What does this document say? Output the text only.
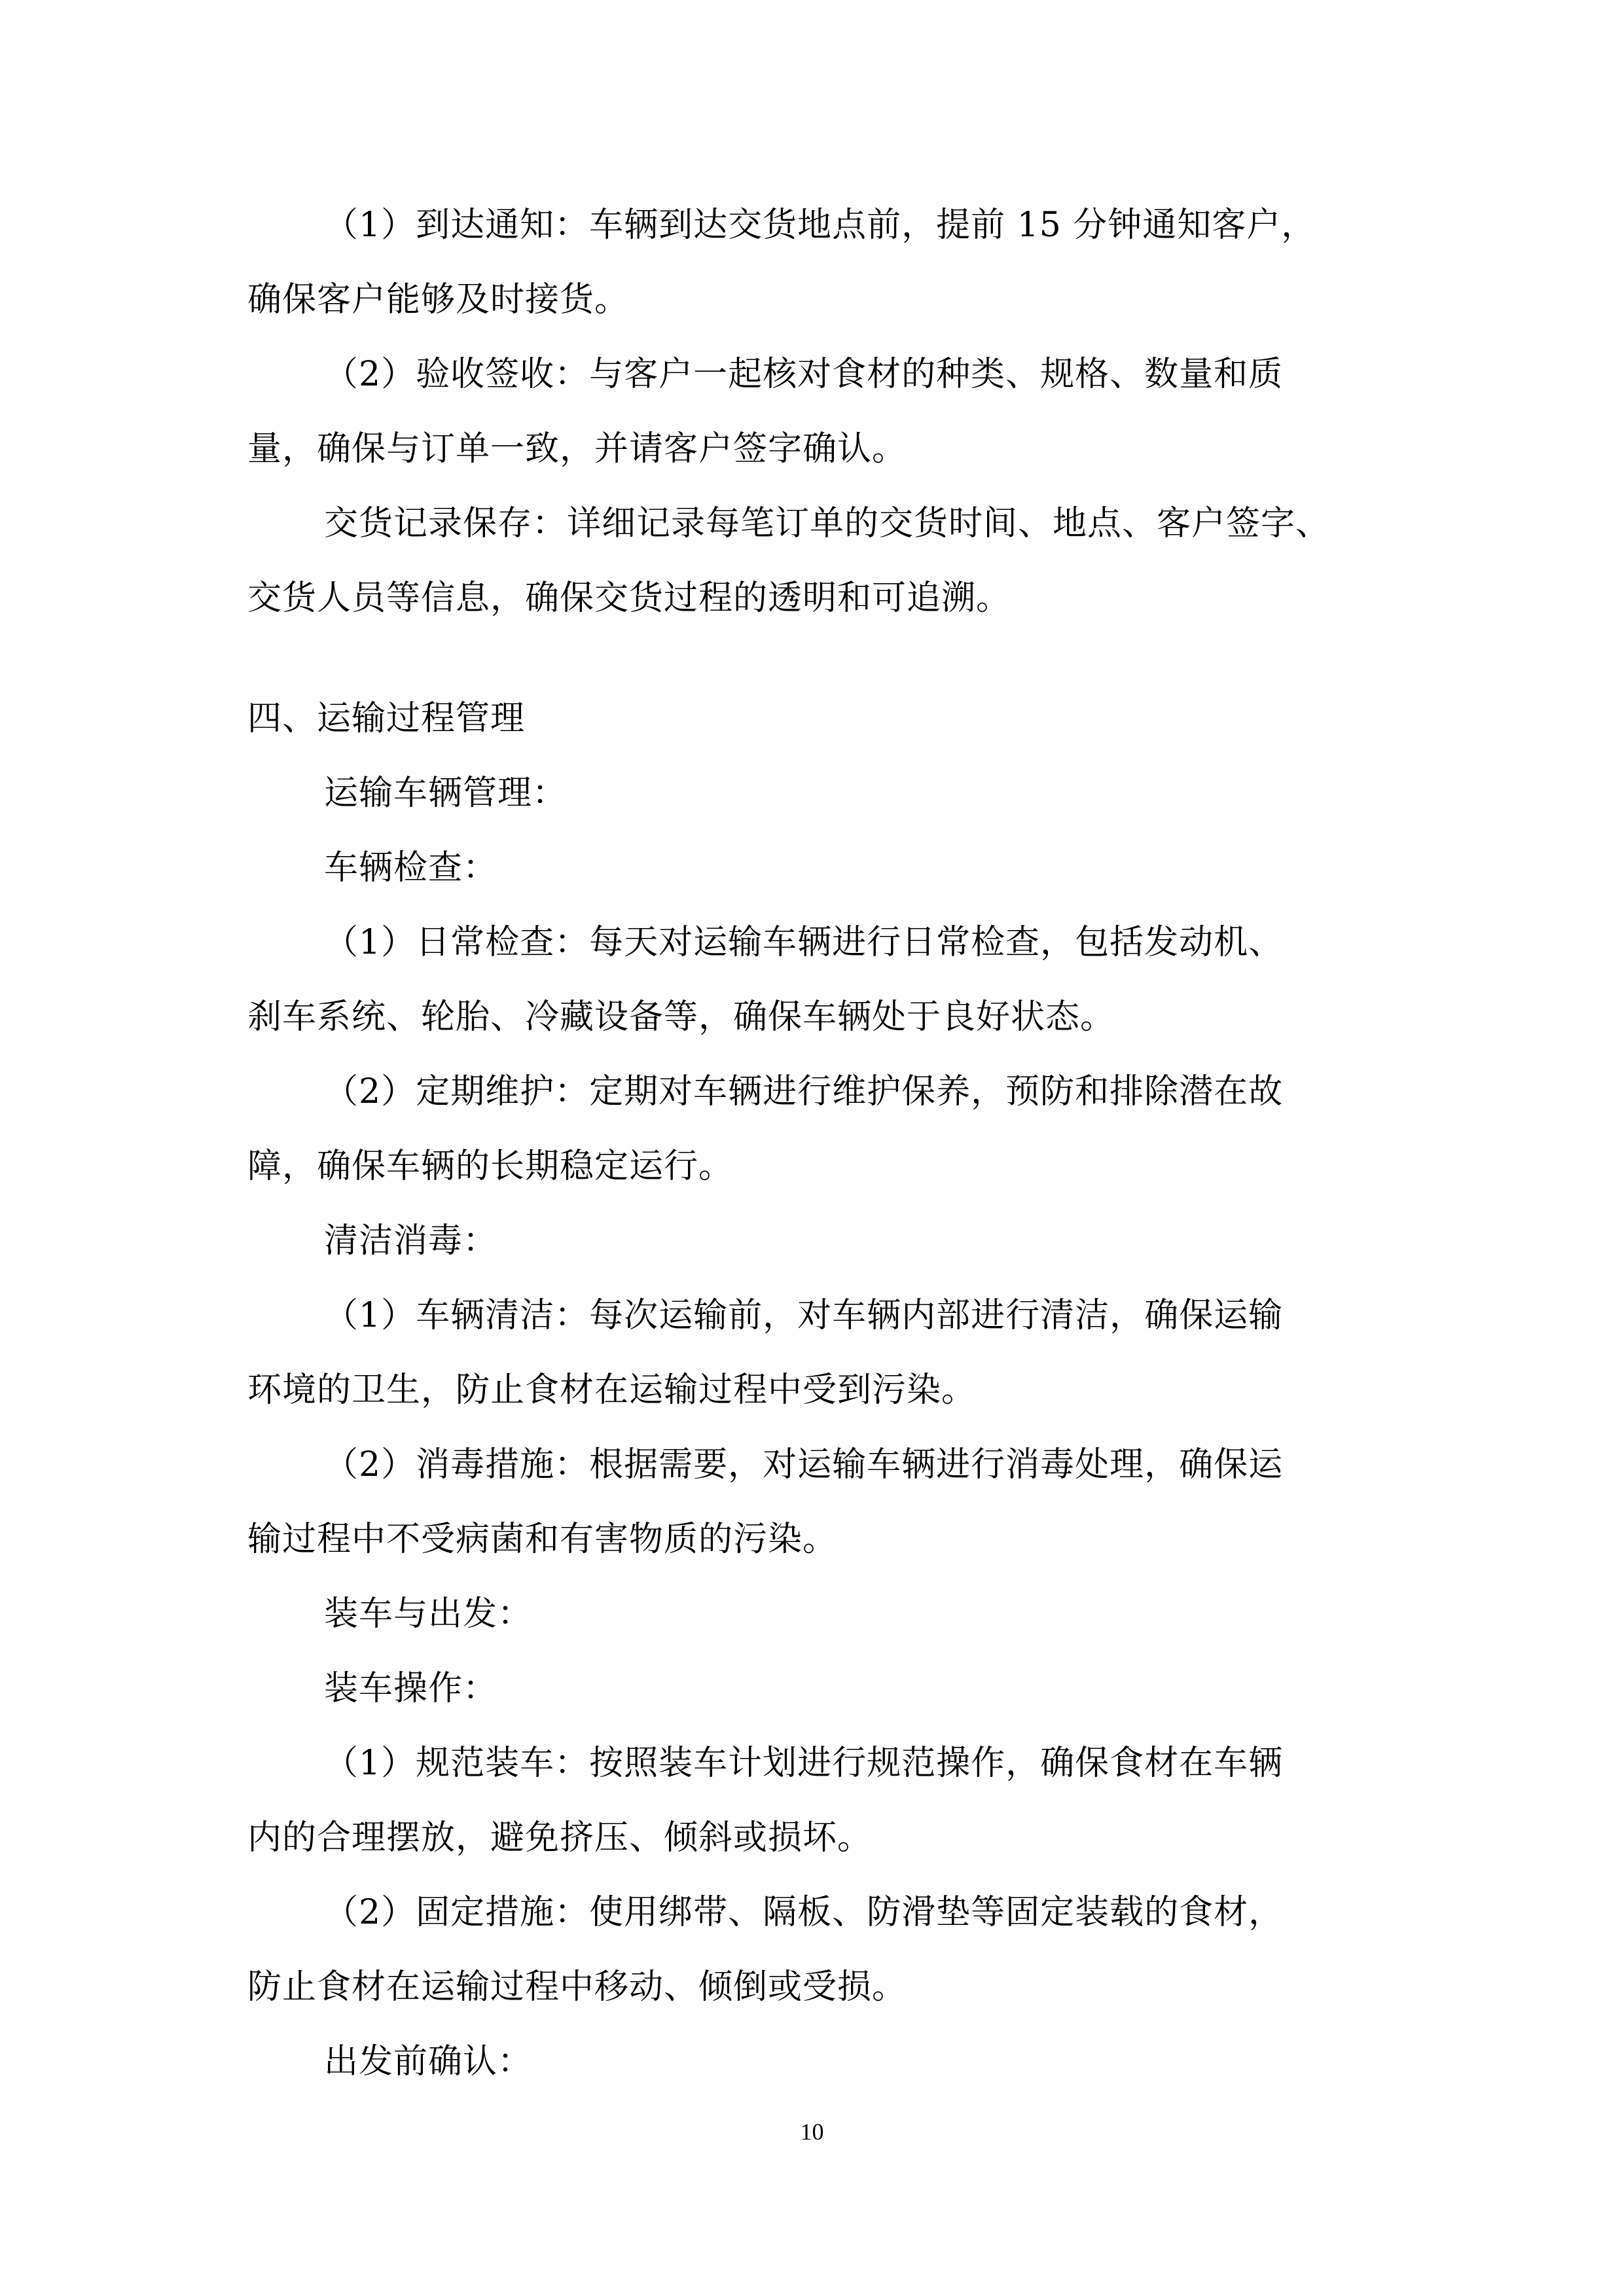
（1）到达通知：车辆到达交货地点前，提前 15 分钟通知客户，
确保客户能够及时接货。
（2）验收签收：与客户一起核对食材的种类、规格、数量和质
量，确保与订单一致，并请客户签字确认。
交货记录保存：详细记录每笔订单的交货时间、地点、客户签字、
交货人员等信息，确保交货过程的透明和可追溯。
四、运输过程管理
运输车辆管理：
车辆检查：
（1）日常检查：每天对运输车辆进行日常检查，包括发动机、
刹车系统、轮胎、冷藏设备等，确保车辆处于良好状态。
（2）定期维护：定期对车辆进行维护保养，预防和排除潜在故
障，确保车辆的长期稳定运行。
清洁消毒：
（1）车辆清洁：每次运输前，对车辆内部进行清洁，确保运输
环境的卫生，防止食材在运输过程中受到污染。
（2）消毒措施：根据需要，对运输车辆进行消毒处理，确保运
输过程中不受病菌和有害物质的污染。
装车与出发：
装车操作：
（1）规范装车：按照装车计划进行规范操作，确保食材在车辆
内的合理摆放，避免挤压、倾斜或损坏。
（2）固定措施：使用绑带、隔板、防滑垫等固定装载的食材，
防止食材在运输过程中移动、倾倒或受损。
出发前确认：
10
